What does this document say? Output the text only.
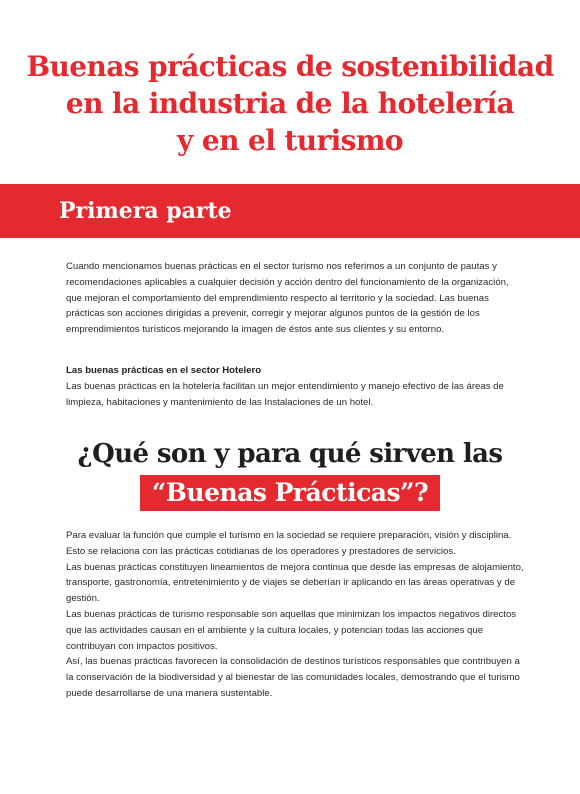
Buenas prácticas de sostenibilidad
en la industria de la hotelería
y en el turismo
Primera parte

Cuando mencionamos buenas prácticas en el sector turismo nos referimos a un conjunto de pautas y recomendaciones aplicables a cualquier decisión y acción dentro del funcionamiento de la organización, que mejoran el comportamiento del emprendimiento respecto al territorio y la sociedad. Las buenas prácticas son acciones dirigidas a prevenir, corregir y mejorar algunos puntos de la gestión de los emprendimientos turísticos mejorando la imagen de éstos ante sus clientes y su entorno.

Las buenas prácticas en el sector Hotelero

Las buenas prácticas en la hotelería facilitan un mejor entendimiento y manejo efectivo de las áreas de limpieza, habitaciones y mantenimiento de las Instalaciones de un hotel.

¿Qué son y para qué sirven las
“Buenas Prácticas”?

Para evaluar la función que cumple el turismo en la sociedad se requiere preparación, visión y disciplina. Esto se relaciona con las prácticas cotidianas de los operadores y prestadores de servicios.

Las buenas prácticas constituyen lineamientos de mejora continua que desde las empresas de alojamiento, transporte, gastronomía, entretenimiento y de viajes se deberían ir aplicando en las áreas operativas y de gestión.

Las buenas prácticas de turismo responsable son aquellas que minimizan los impactos negativos directos que las actividades causan en el ambiente y la cultura locales, y potencian todas las acciones que contribuyan con impactos positivos.

Así, las buenas prácticas favorecen la consolidación de destinos turísticos responsables que contribuyen a la conservación de la biodiversidad y al bienestar de las comunidades locales, demostrando que el turismo puede desarrollarse de una manera sustentable.
